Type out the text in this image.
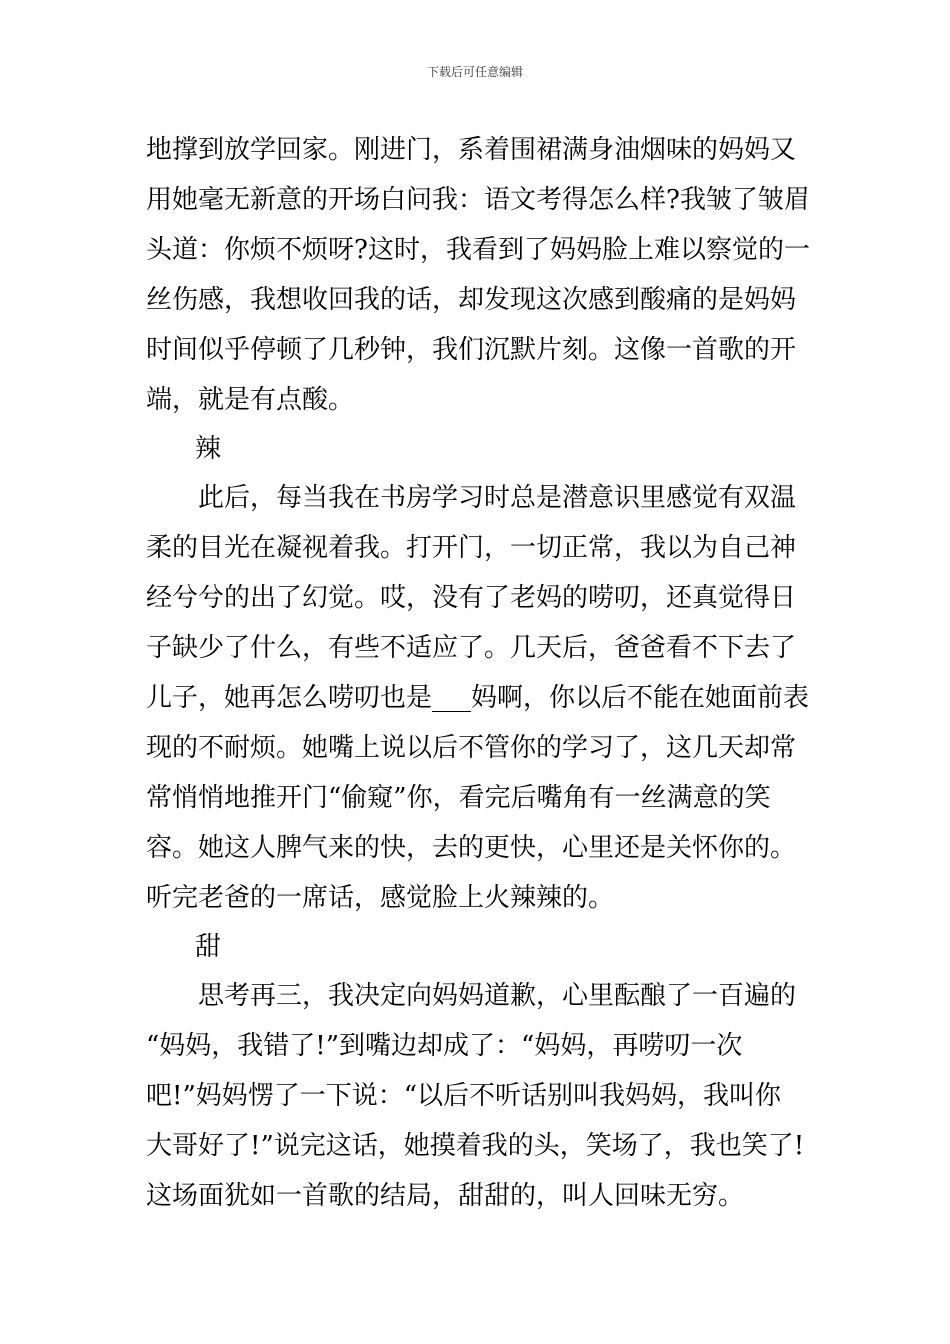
下载后可任意编辑
地撑到放学回家。刚进门，系着围裙满身油烟味的妈妈又
用她毫无新意的开场白问我：语文考得怎么样?我皱了皱眉
头道：你烦不烦呀?这时，我看到了妈妈脸上难以察觉的一
丝伤感，我想收回我的话，却发现这次感到酸痛的是妈妈
时间似乎停顿了几秒钟，我们沉默片刻。这像一首歌的开
端，就是有点酸。
辣
此后，每当我在书房学习时总是潜意识里感觉有双温
柔的目光在凝视着我。打开门，一切正常，我以为自己神
经兮兮的出了幻觉。哎，没有了老妈的唠叨，还真觉得日
子缺少了什么，有些不适应了。几天后，爸爸看不下去了
儿子，她再怎么唠叨也是___妈啊，你以后不能在她面前表
现的不耐烦。她嘴上说以后不管你的学习了，这几天却常
常悄悄地推开门“偷窥”你，看完后嘴角有一丝满意的笑
容。她这人脾气来的快，去的更快，心里还是关怀你的。
听完老爸的一席话，感觉脸上火辣辣的。
甜
思考再三，我决定向妈妈道歉，心里酝酿了一百遍的
“妈妈，我错了!”到嘴边却成了：“妈妈，再唠叨一次
吧!”妈妈愣了一下说：“以后不听话别叫我妈妈，我叫你
大哥好了!”说完这话，她摸着我的头，笑场了，我也笑了!
这场面犹如一首歌的结局，甜甜的，叫人回味无穷。
